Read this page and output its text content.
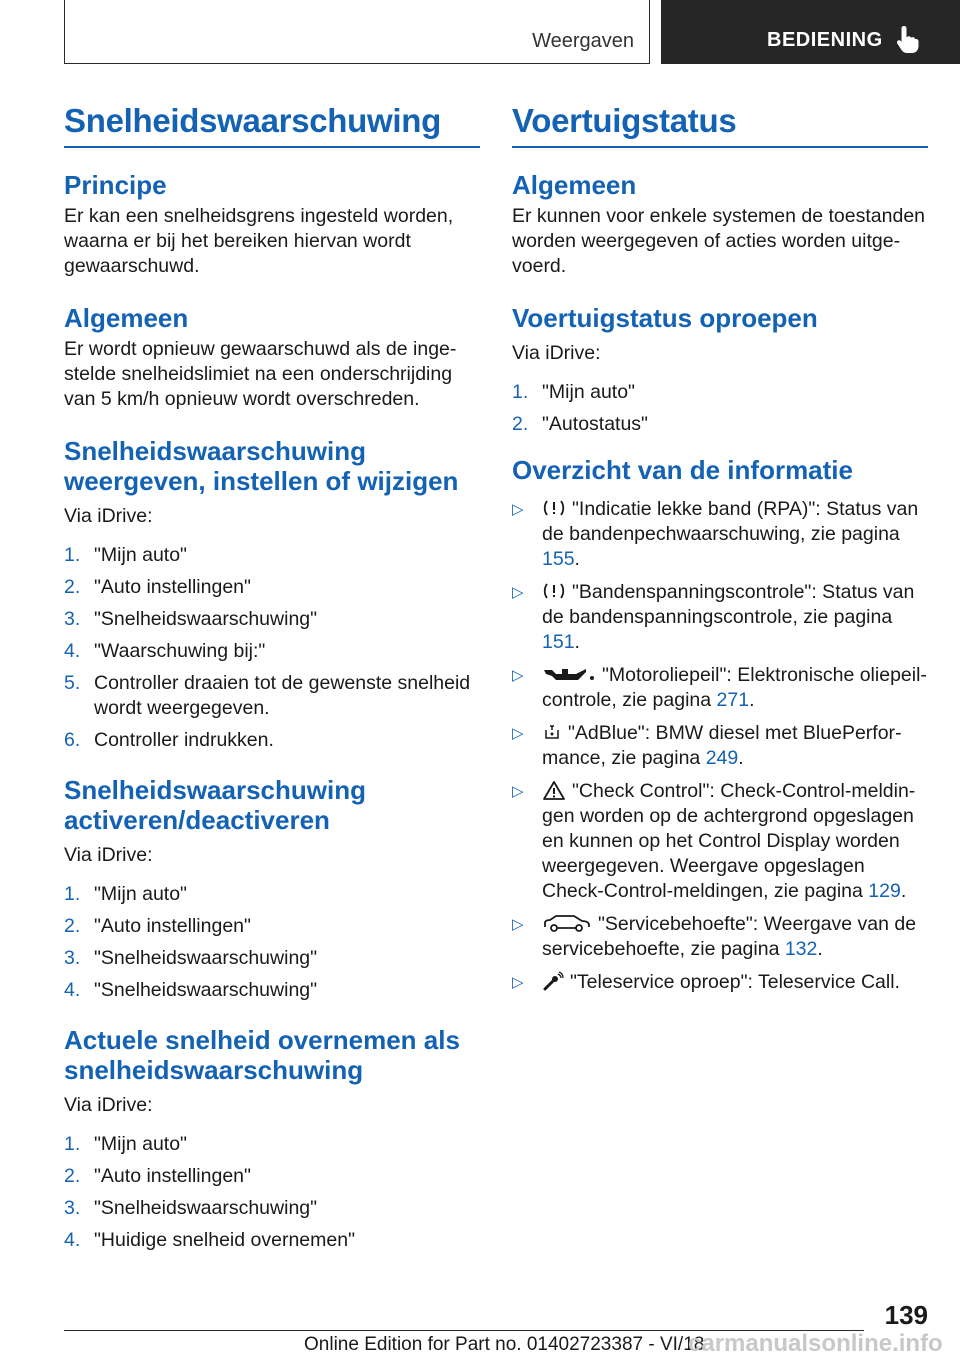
Weergaven	BEDIENING
Snelheidswaarschuwing
Principe

Er kan een snelheidsgrens ingesteld worden, waarna er bij het bereiken hiervan wordt gewaarschuwd.

Algemeen

Er wordt opnieuw gewaarschuwd als de ingestelde snelheidslimiet na een onderschrijding van 5 km/h opnieuw wordt overschreden.

Snelheidswaarschuwing weergeven, instellen of wijzigen

Via iDrive:

1. "Mijn auto"
2. "Auto instellingen"
3. "Snelheidswaarschuwing"
4. "Waarschuwing bij:"
5. Controller draaien tot de gewenste snelheid wordt weergegeven.
6. Controller indrukken.
Snelheidswaarschuwing activeren/deactiveren

Via iDrive:

1. "Mijn auto"
2. "Auto instellingen"
3. "Snelheidswaarschuwing"
4. "Snelheidswaarschuwing"
Actuele snelheid overnemen als snelheidswaarschuwing

Via iDrive:

1. "Mijn auto"
2. "Auto instellingen"
3. "Snelheidswaarschuwing"
4. "Huidige snelheid overnemen"
Voertuigstatus
Algemeen

Er kunnen voor enkele systemen de toestanden worden weergegeven of acties worden uitgevoerd.

Voertuigstatus oproepen

Via iDrive:

1. "Mijn auto"
2. "Autostatus"
Overzicht van de informatie
▷ "Indicatie lekke band (RPA)": Status van de bandenpechwaarschuwing, zie pagina 155.
▷ "Bandenspanningscontrole": Status van de bandenspanningscontrole, zie pagina 151.
▷	"Motoroliepeil": Elektronische oliepeilcontrole, zie pagina 271.
▷ "AdBlue": BMW diesel met BluePerformance, zie pagina 249.
▷ "Check Control": Check-Control-meldingen worden op de achtergrond opgeslagen en kunnen op het Control Display worden weergegeven. Weergave opgeslagen Check-Control-meldingen, zie pagina 129.
▷	"Servicebehoefte": Weergave van de servicebehoefte, zie pagina 132.
▷ "Teleservice oproep": Teleservice Call.
139
Online Edition for Part no. 01402723387 - VI/18
carmanualsonline.info
